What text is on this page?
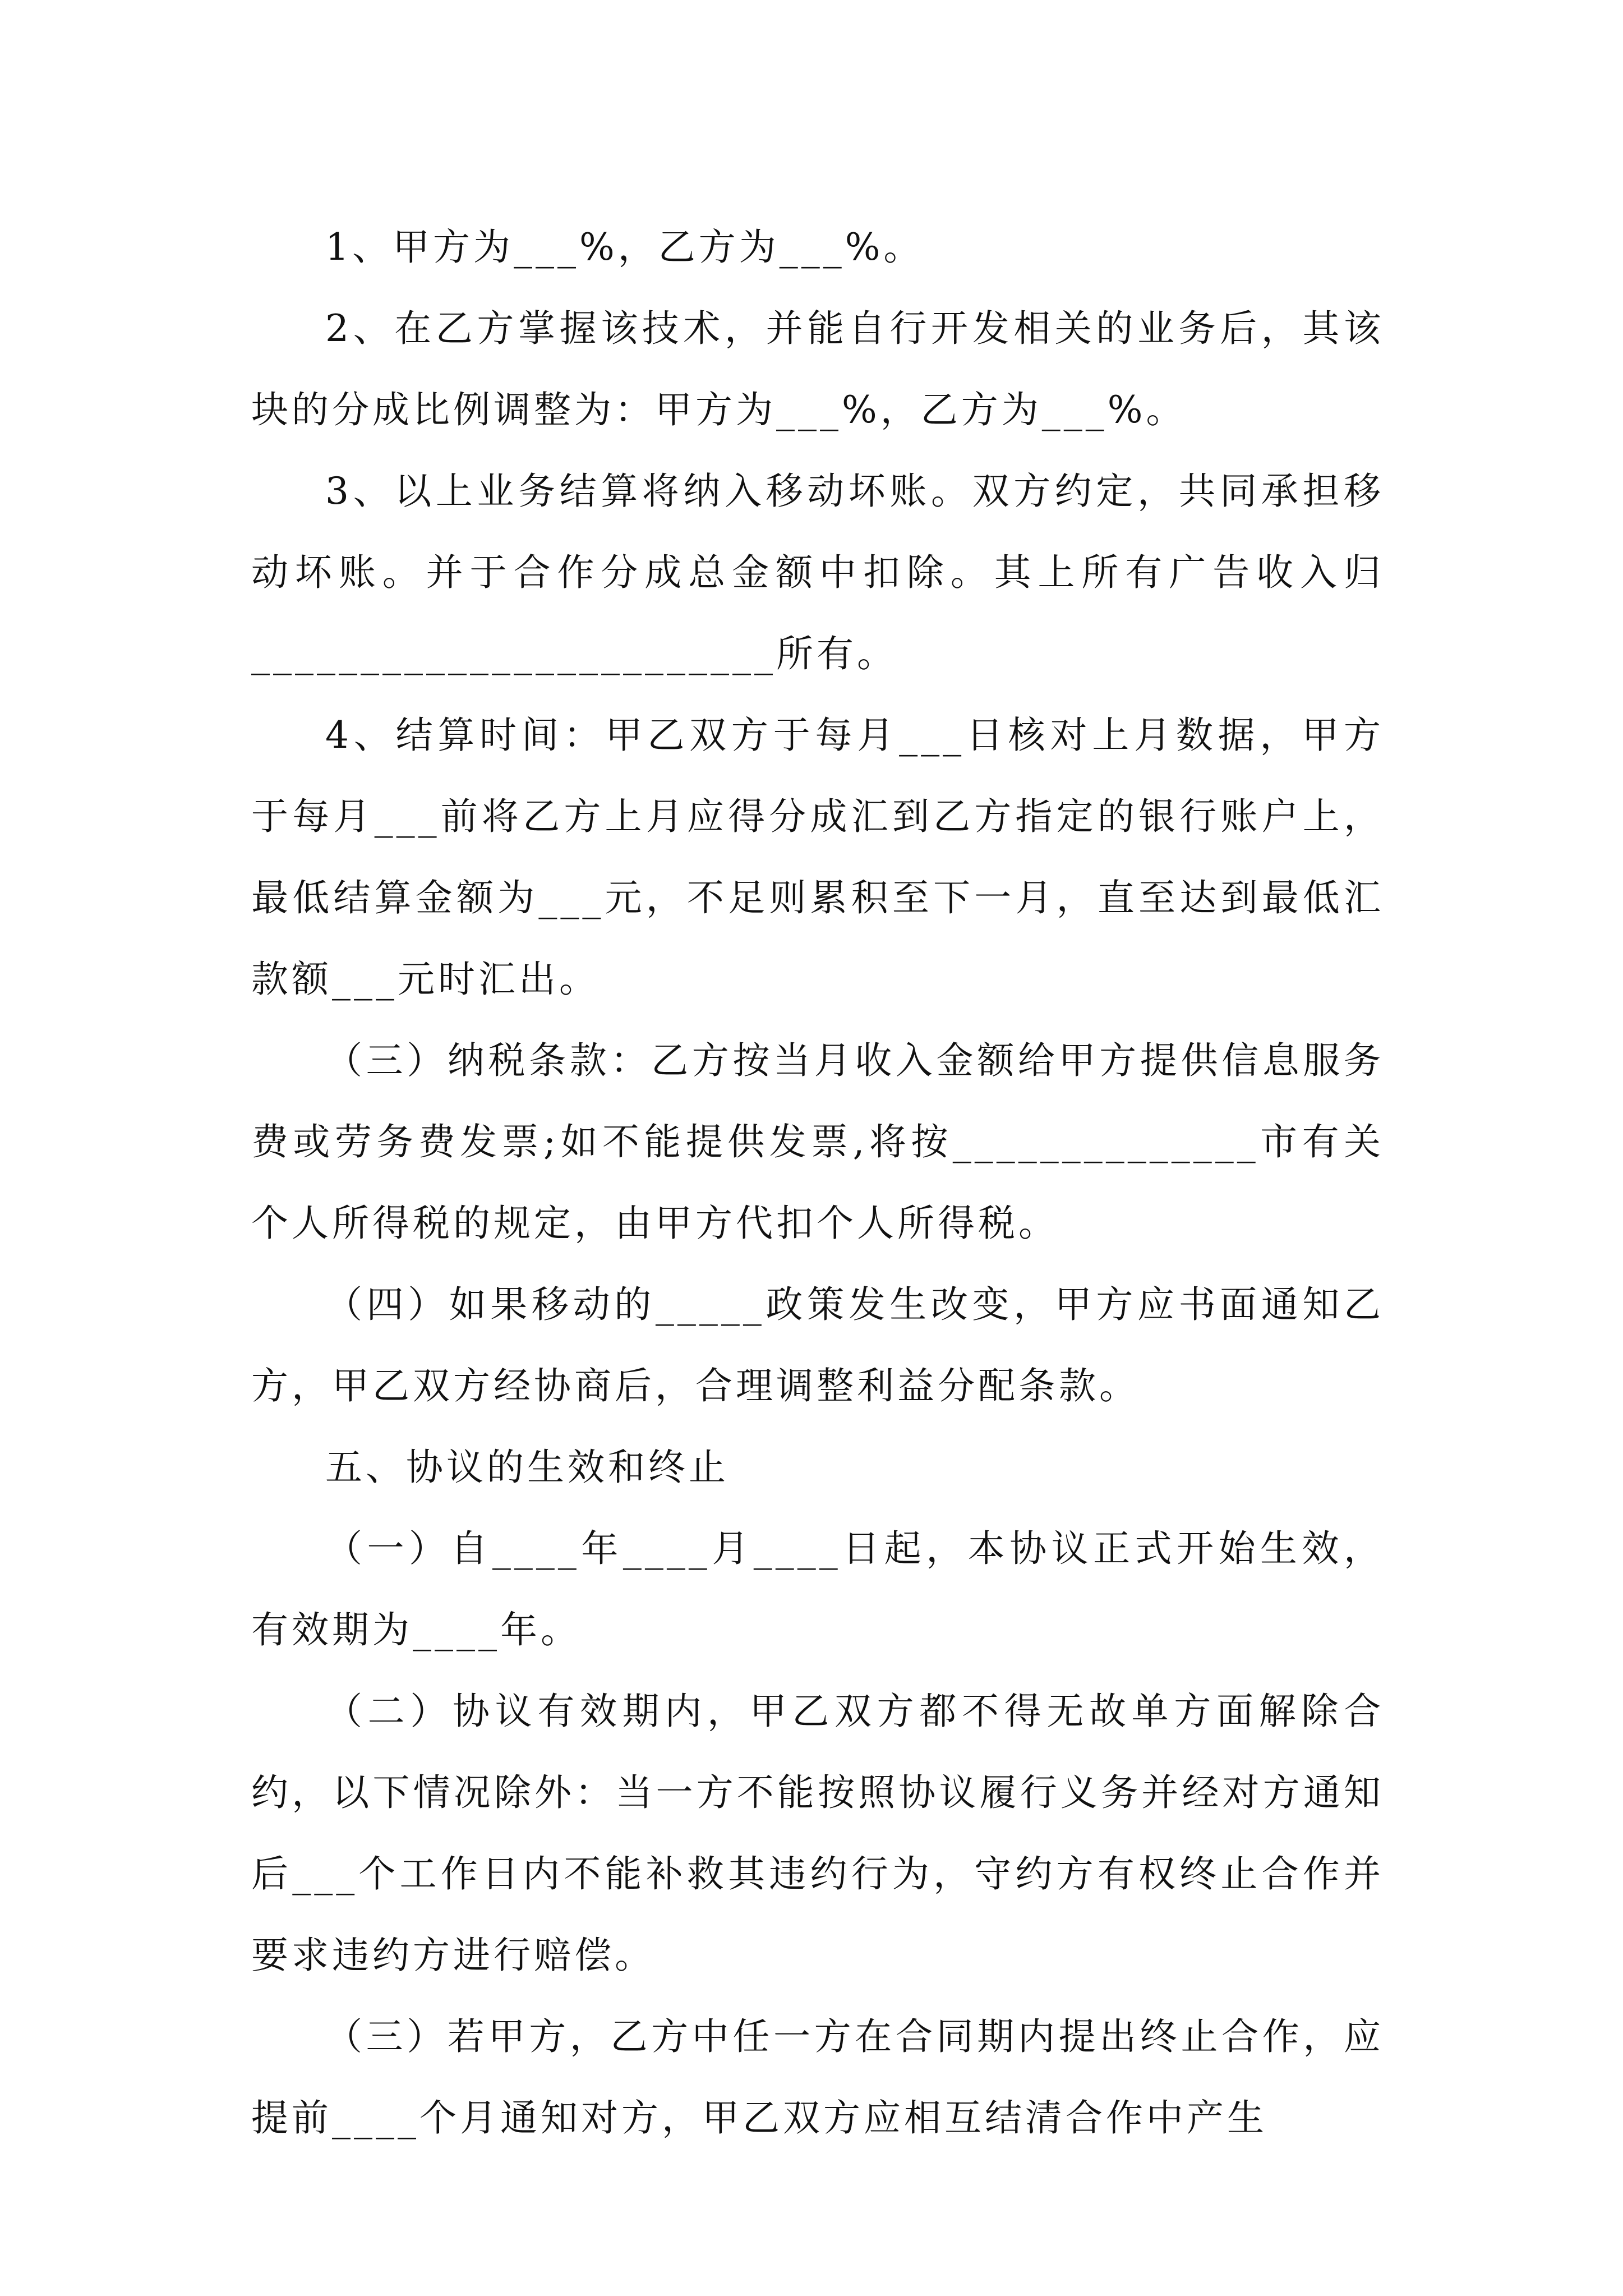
1、甲方为___%，乙方为___%。

2、在乙方掌握该技术，并能自行开发相关的业务后，其该块的分成比例调整为：甲方为___%，乙方为___%。

3、以上业务结算将纳入移动坏账。双方约定，共同承担移动坏账。并于合作分成总金额中扣除。其上所有广告收入归________________________所有。

4、结算时间：甲乙双方于每月___日核对上月数据，甲方于每月___前将乙方上月应得分成汇到乙方指定的银行账户上，最低结算金额为___元，不足则累积至下一月，直至达到最低汇款额___元时汇出。

（三）纳税条款：乙方按当月收入金额给甲方提供信息服务费或劳务费发票;如不能提供发票,将按______________市有关个人所得税的规定，由甲方代扣个人所得税。

（四）如果移动的_____政策发生改变，甲方应书面通知乙方，甲乙双方经协商后，合理调整利益分配条款。

五、协议的生效和终止

（一）自____年____月____日起，本协议正式开始生效，有效期为____年。

（二）协议有效期内，甲乙双方都不得无故单方面解除合约，以下情况除外：当一方不能按照协议履行义务并经对方通知后___个工作日内不能补救其违约行为，守约方有权终止合作并要求违约方进行赔偿。

（三）若甲方，乙方中任一方在合同期内提出终止合作，应提前____个月通知对方，甲乙双方应相互结清合作中产生
